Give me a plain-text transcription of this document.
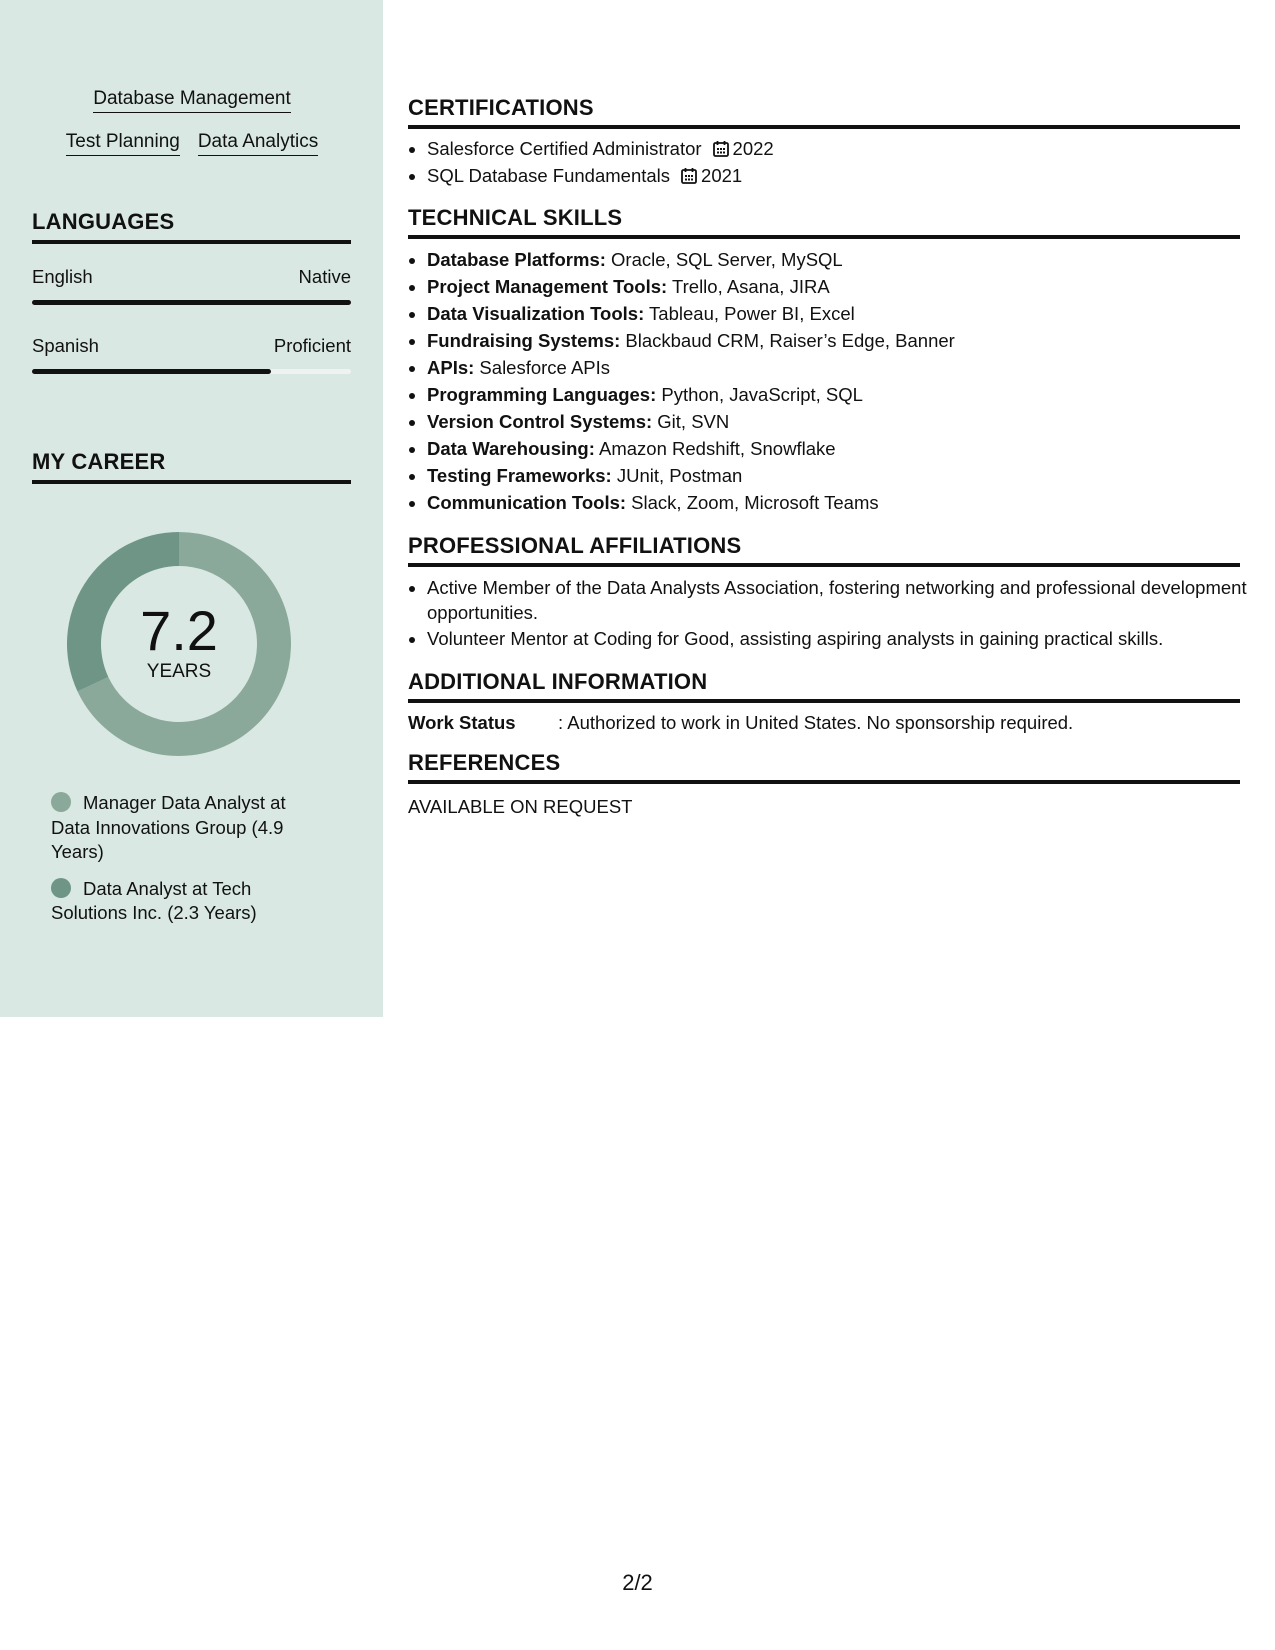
Database Management
Test Planning Data Analytics
LANGUAGES
English	Native
Spanish	Proficient
MY CAREER
7.2
YEARS
Manager Data Analyst at Data Innovations Group (4.9 Years)
Data Analyst at Tech Solutions Inc. (2.3 Years)
CERTIFICATIONS
• Salesforce Certified Administrator 2022
• SQL Database Fundamentals 2021
TECHNICAL SKILLS
• Database Platforms: Oracle, SQL Server, MySQL
• Project Management Tools: Trello, Asana, JIRA
• Data Visualization Tools: Tableau, Power BI, Excel
• Fundraising Systems: Blackbaud CRM, Raiser’s Edge, Banner
• APIs: Salesforce APIs
• Programming Languages: Python, JavaScript, SQL
• Version Control Systems: Git, SVN
• Data Warehousing: Amazon Redshift, Snowflake
• Testing Frameworks: JUnit, Postman
• Communication Tools: Slack, Zoom, Microsoft Teams
PROFESSIONAL AFFILIATIONS
• Active Member of the Data Analysts Association, fostering networking and professional development opportunities.
• Volunteer Mentor at Coding for Good, assisting aspiring analysts in gaining practical skills.
ADDITIONAL INFORMATION
Work Status	: Authorized to work in United States. No sponsorship required.
REFERENCES
AVAILABLE ON REQUEST
2/2
